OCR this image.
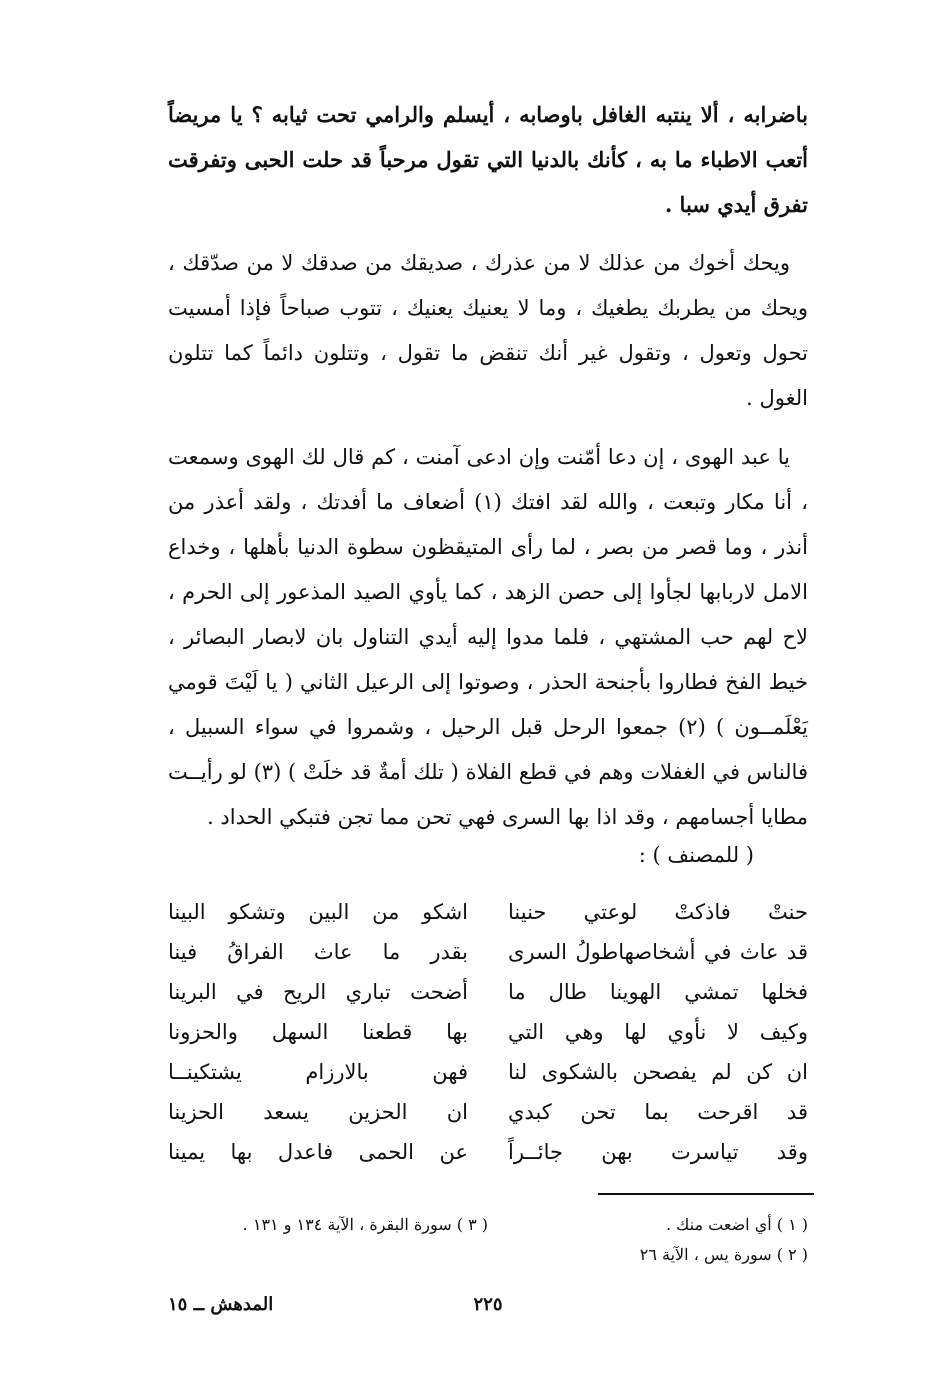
باضرابه ، ألا ينتبه الغافل باوصابه ، أيسلم والرامي تحت ثيابه ؟ يا مريضاً أتعب الاطباء ما به ، كأنك بالدنيا التي تقول مرحباً قد حلت الحبى وتفرقت تفرق أيدي سبا .

ويحك أخوك من عذلك لا من عذرك ، صديقك من صدقك لا من صدّقك ، ويحك من يطربك يطغيك ، وما لا يعنيك يعنيك ، تتوب صباحاً فإذا أمسيت تحول وتعول ، وتقول غير أنك تنقض ما تقول ، وتتلون دائماً كما تتلون الغول .

يا عبد الهوى ، إن دعا أمّنت وإن ادعى آمنت ، كم قال لك الهوى وسمعت ، أنا مكار وتبعت ، والله لقد افتك (١) أضعاف ما أفدتك ، ولقد أعذر من أنذر ، وما قصر من بصر ، لما رأى المتيقظون سطوة الدنيا بأهلها ، وخداع الامل لاربابها لجأوا إلى حصن الزهد ، كما يأوي الصيد المذعور إلى الحرم ، لاح لهم حب المشتهي ، فلما مدوا إليه أيدي التناول بان لابصار البصائر ، خيط الفخ فطاروا بأجنحة الحذر ، وصوتوا إلى الرعيل الثاني ( يا لَيْتَ قومي يَعْلَمــون ) (٢) جمعوا الرحل قبل الرحيل ، وشمروا في سواء السبيل ، فالناس في الغفلات وهم في قطع الفلاة ( تلك أمةٌ قد خلَتْ ) (٣) لو رأيــت مطايا أجسامهم ، وقد اذا بها السرى فهي تحن مما تجن فتبكي الحداد .

( للمصنف ) :
حنتْ فاذكتْ لوعتي حنينا
اشكو من البين وتشكو البينا
قد عاث في أشخاصهاطولُ السرى
بقدر ما عاث الفراقُ فينا
فخلها تمشي الهوينا طال ما
أضحت تباري الريح في البرينا
وكيف لا نأوي لها وهي التي
بها قطعنا السهل والحزونا
ان كن لم يفصحن بالشكوى لنا
فهن بالارزام يشتكينــا
قد اقرحت بما تحن كبدي
ان الحزين يسعد الحزينا
وقد تياسرت بهن جائــراً
عن الحمى فاعدل بها يمينا
( ١ ) أي اضعت منك .
( ٢ ) سورة يس ، الآية ٢٦
( ٣ ) سورة البقرة ، الآية ١٣٤ و ١٣١ .
٢٢٥
المدهش ــ ١٥
